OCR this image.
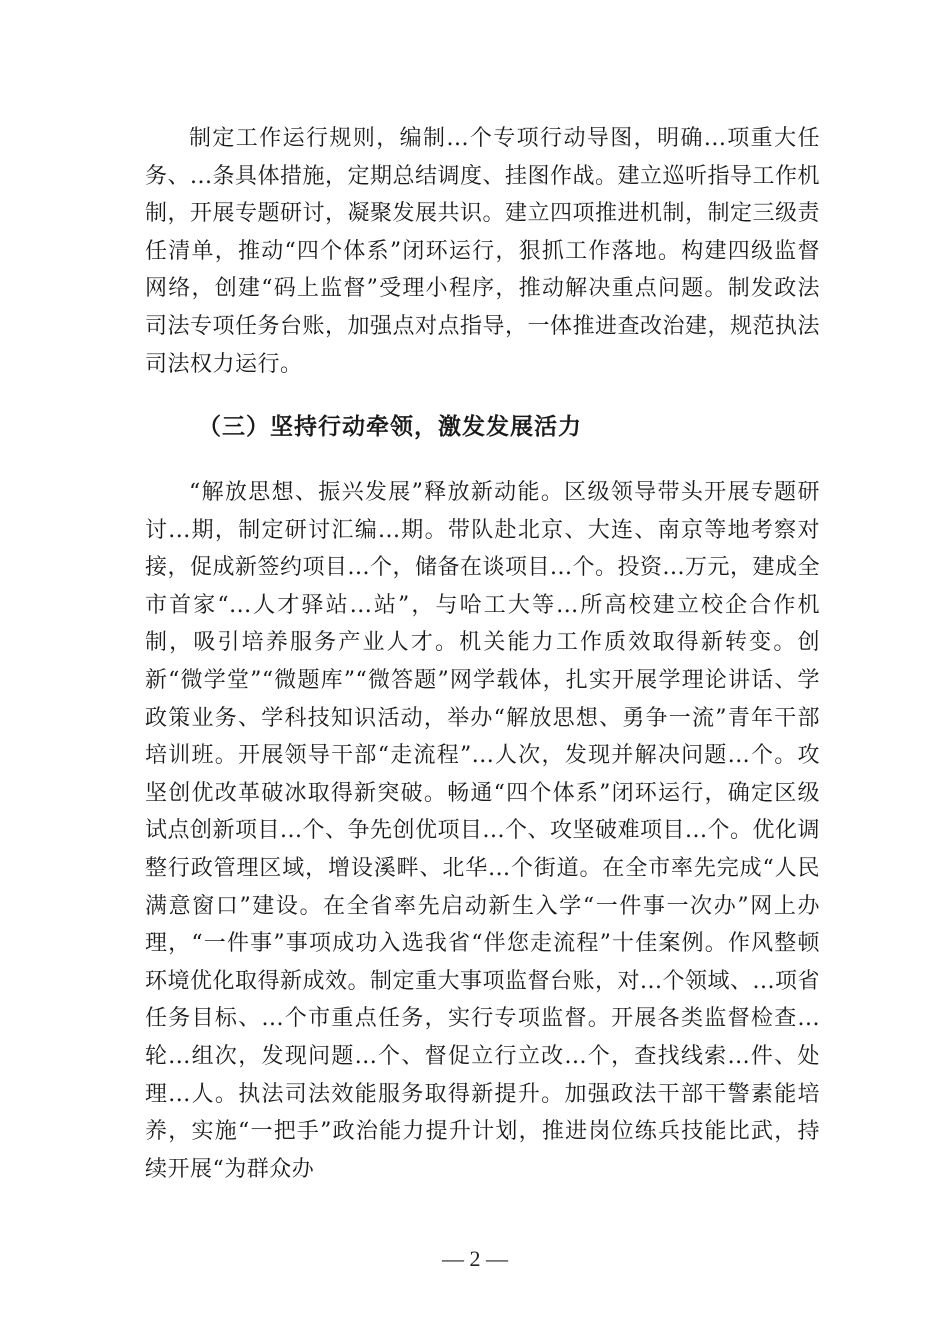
制定工作运行规则，编制...个专项行动导图，明确...项重大任务、...条具体措施，定期总结调度、挂图作战。建立巡听指导工作机制，开展专题研讨，凝聚发展共识。建立四项推进机制，制定三级责任清单，推动“四个体系”闭环运行，狠抓工作落地。构建四级监督网络，创建“码上监督”受理小程序，推动解决重点问题。制发政法司法专项任务台账，加强点对点指导，一体推进查改治建，规范执法司法权力运行。

（三）坚持行动牵领，激发发展活力

“解放思想、振兴发展”释放新动能。区级领导带头开展专题研讨...期，制定研讨汇编...期。带队赴北京、大连、南京等地考察对接，促成新签约项目...个，储备在谈项目...个。投资...万元，建成全市首家“...人才驿站...站”，与哈工大等...所高校建立校企合作机制，吸引培养服务产业人才。机关能力工作质效取得新转变。创新“微学堂”“微题库”“微答题”网学载体，扎实开展学理论讲话、学政策业务、学科技知识活动，举办“解放思想、勇争一流”青年干部培训班。开展领导干部“走流程”...人次，发现并解决问题...个。攻坚创优改革破冰取得新突破。畅通“四个体系”闭环运行，确定区级试点创新项目...个、争先创优项目...个、攻坚破难项目...个。优化调整行政管理区域，增设溪畔、北华...个街道。在全市率先完成“人民满意窗口”建设。在全省率先启动新生入学“一件事一次办”网上办理，“一件事”事项成功入选我省“伴您走流程”十佳案例。作风整顿环境优化取得新成效。制定重大事项监督台账，对...个领域、...项省任务目标、...个市重点任务，实行专项监督。开展各类监督检查...轮...组次，发现问题...个、督促立行立改...个，查找线索...件、处理...人。执法司法效能服务取得新提升。加强政法干部干警素能培养，实施“一把手”政治能力提升计划，推进岗位练兵技能比武，持续开展“为群众办

— 2 —
